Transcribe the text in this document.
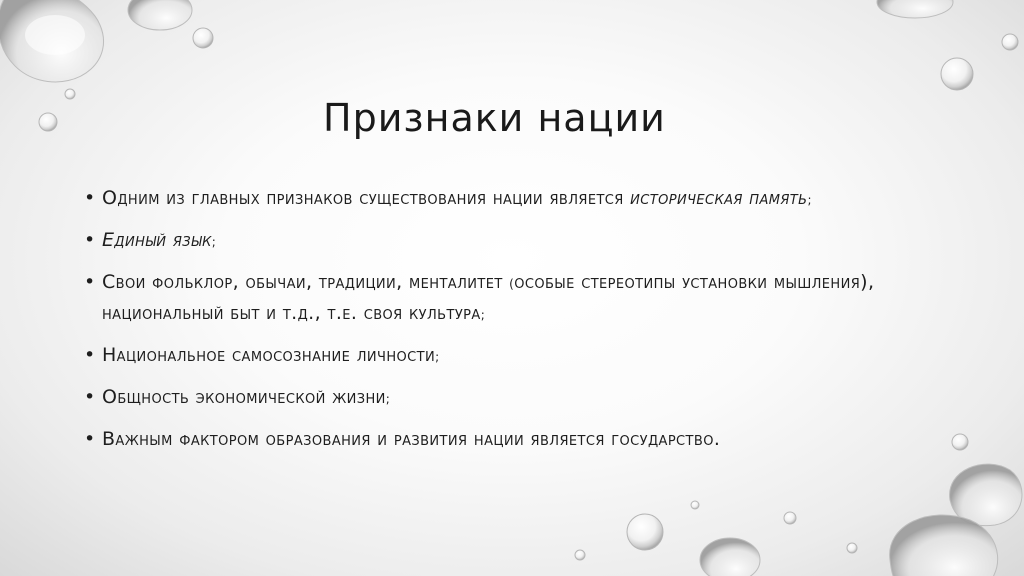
Признаки нации
• Одним из главных признаков существования нации является историческая память;
• Единый язык;
• Свои фольклор, обычаи, традиции, менталитет (особые стереотипы установки мышления), национальный быт и т.д., т.е. своя культура;
• Национальное самосознание личности;
• Общность экономической жизни;
• Важным фактором образования и развития нации является государство.
